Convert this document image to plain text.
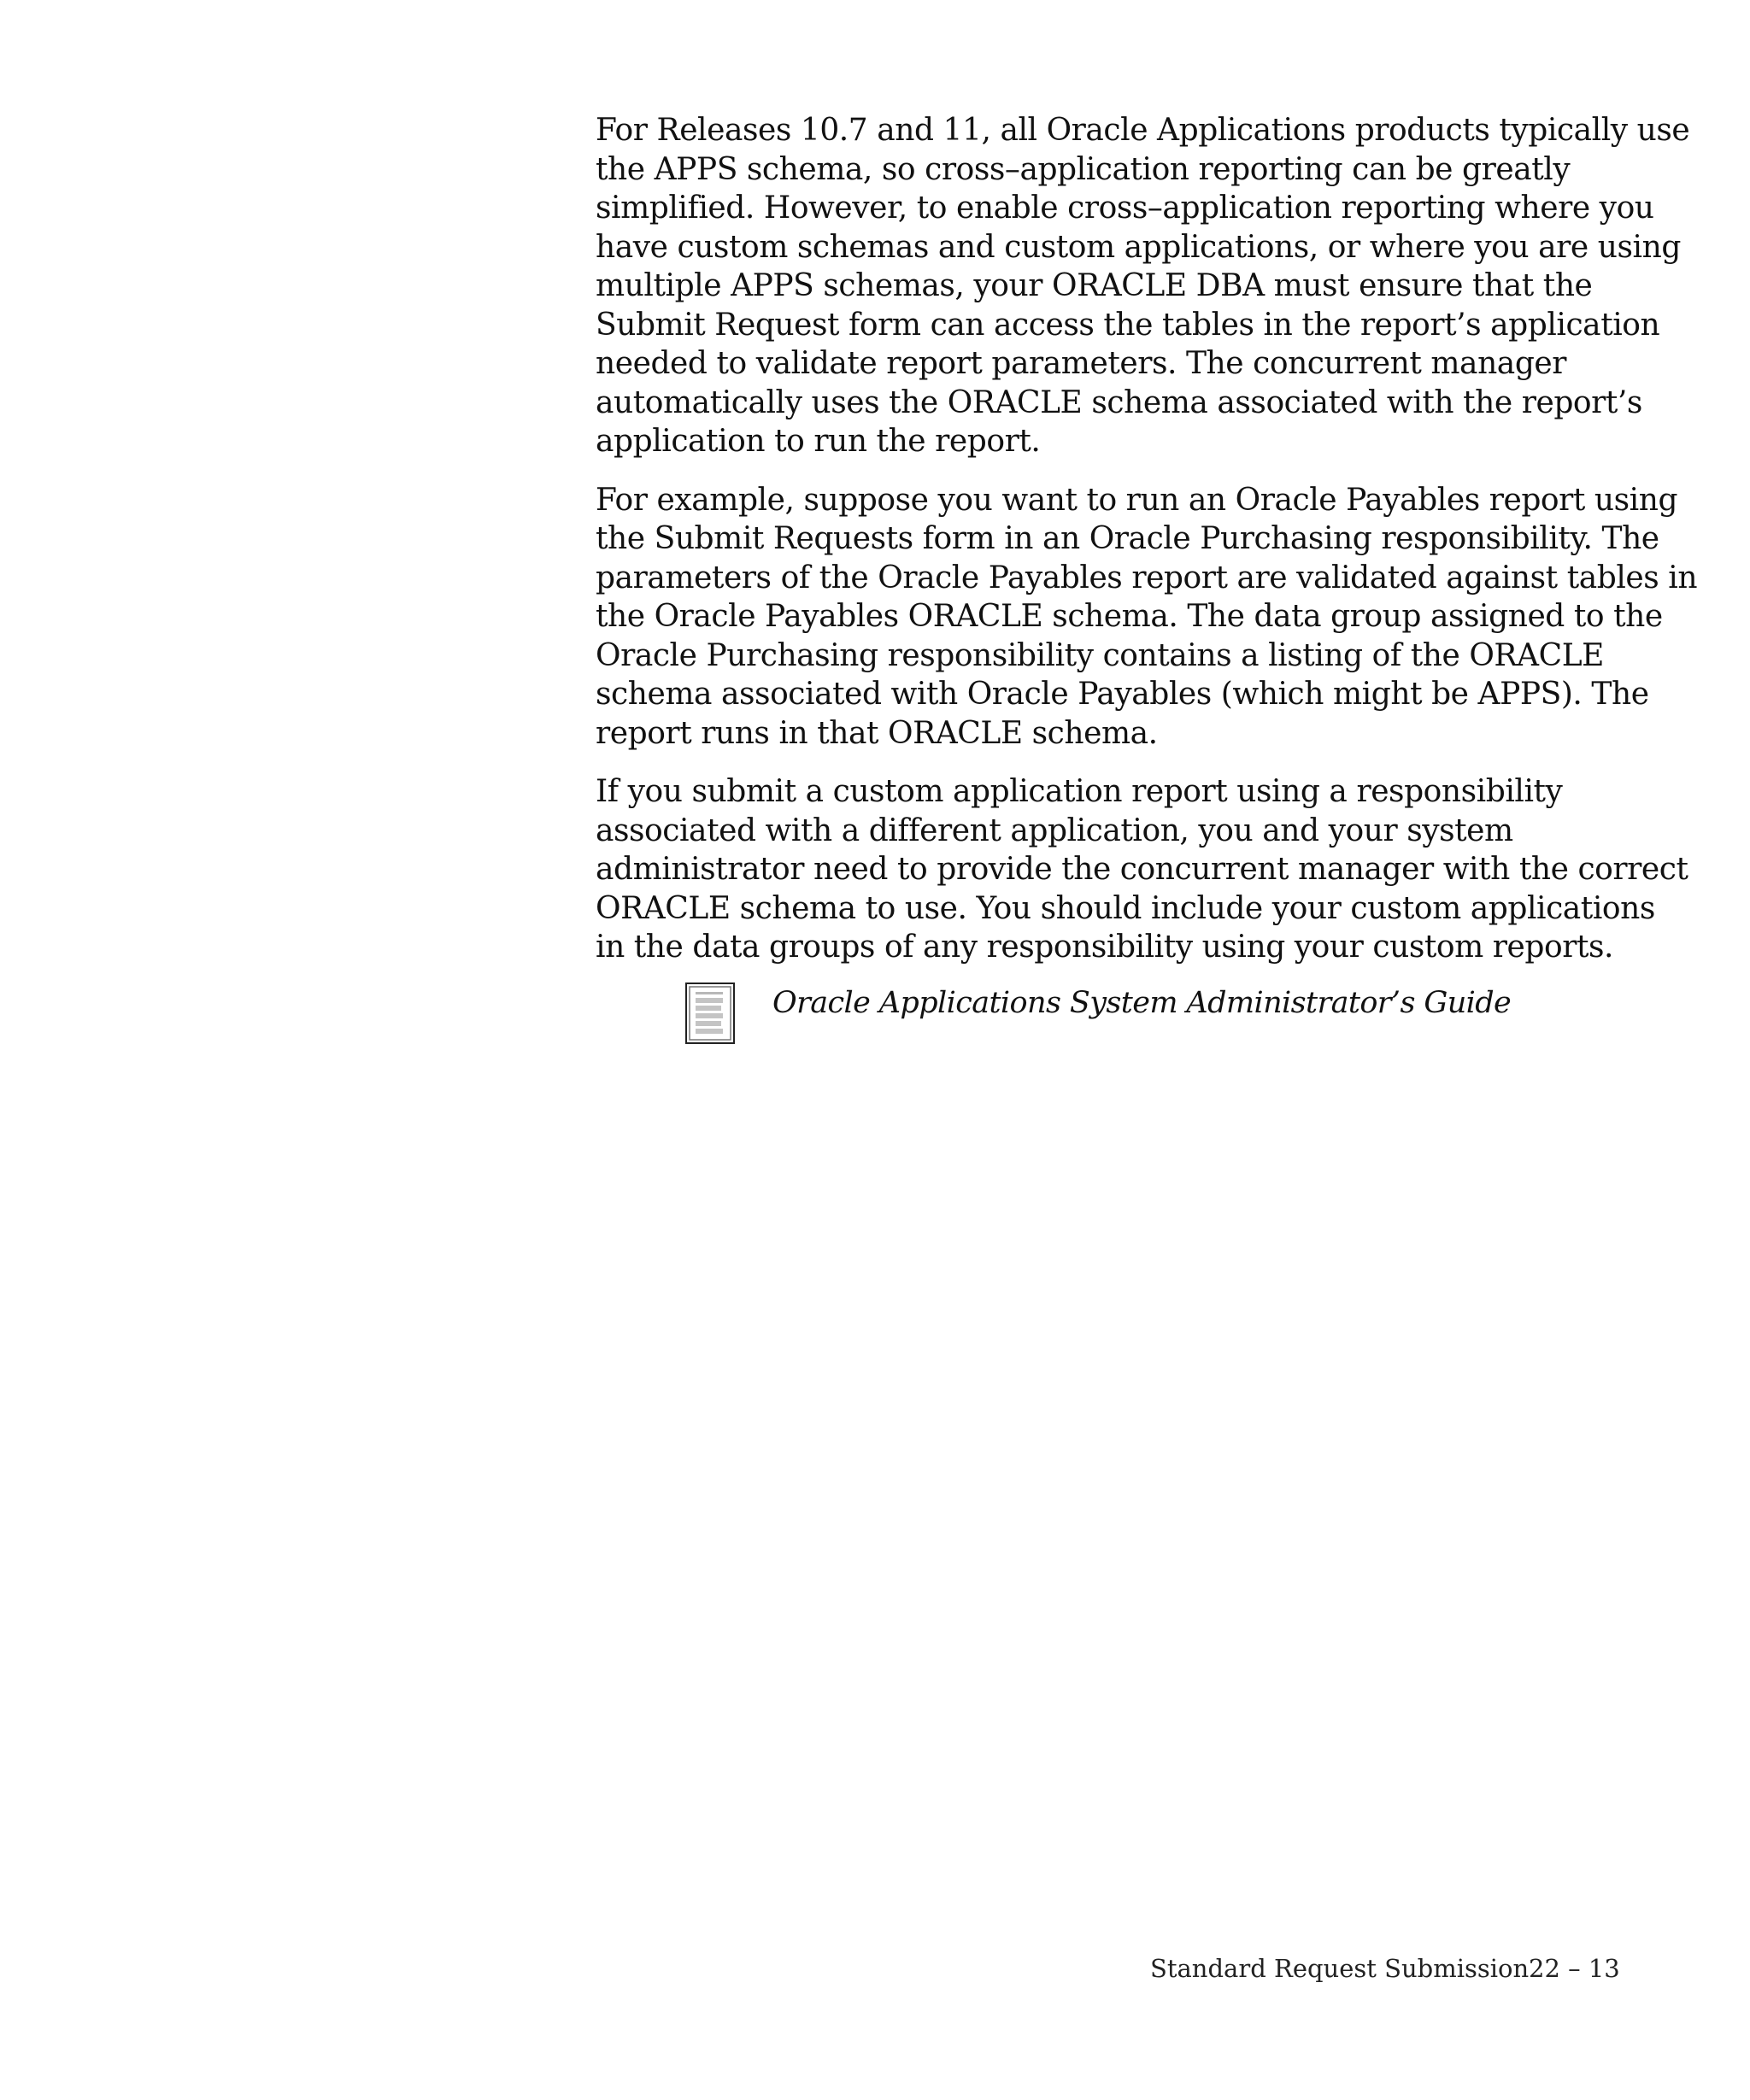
For Releases 10.7 and 11, all Oracle Applications products typically use
the APPS schema, so cross–application reporting can be greatly
simplified. However, to enable cross–application reporting where you
have custom schemas and custom applications, or where you are using
multiple APPS schemas, your ORACLE DBA must ensure that the
Submit Request form can access the tables in the report’s application
needed to validate report parameters. The concurrent manager
automatically uses the ORACLE schema associated with the report’s
application to run the report.

For example, suppose you want to run an Oracle Payables report using
the Submit Requests form in an Oracle Purchasing responsibility. The
parameters of the Oracle Payables report are validated against tables in
the Oracle Payables ORACLE schema. The data group assigned to the
Oracle Purchasing responsibility contains a listing of the ORACLE
schema associated with Oracle Payables (which might be APPS). The
report runs in that ORACLE schema.

If you submit a custom application report using a responsibility
associated with a different application, you and your system
administrator need to provide the concurrent manager with the correct
ORACLE schema to use. You should include your custom applications
in the data groups of any responsibility using your custom reports.

Oracle Applications System Administrator’s Guide
Standard Request Submission 22 – 13
